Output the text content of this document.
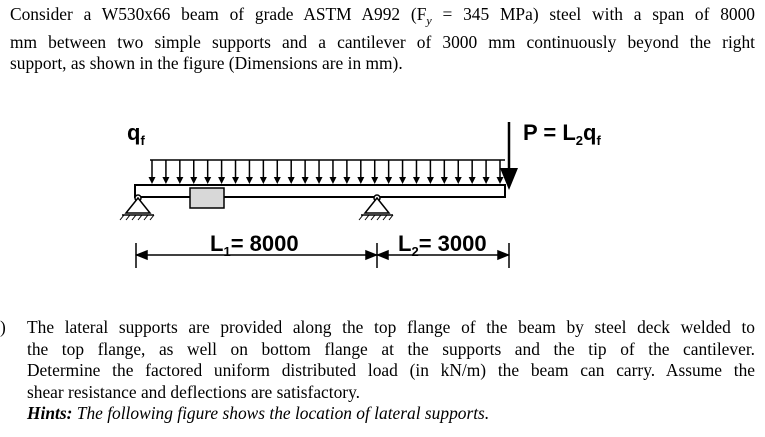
Consider a W530x66 beam of grade ASTM A992 ($F_y = 345$ MPa) steel with a span of 8000
mm between two simple supports and a cantilever of 3000 mm continuously beyond the right
support, as shown in the figure (Dimensions are in mm).
$q_f$	$P = L_2q_f$
$L_1= 8000$	$L_2= 3000$
) The lateral supports are provided along the top flange of the beam by steel deck welded to
the top flange, as well on bottom flange at the supports and the tip of the cantilever.
Determine the factored uniform distributed load (in kN/m) the beam can carry. Assume the
shear resistance and deflections are satisfactory.
Hints: The following figure shows the location of lateral supports.
